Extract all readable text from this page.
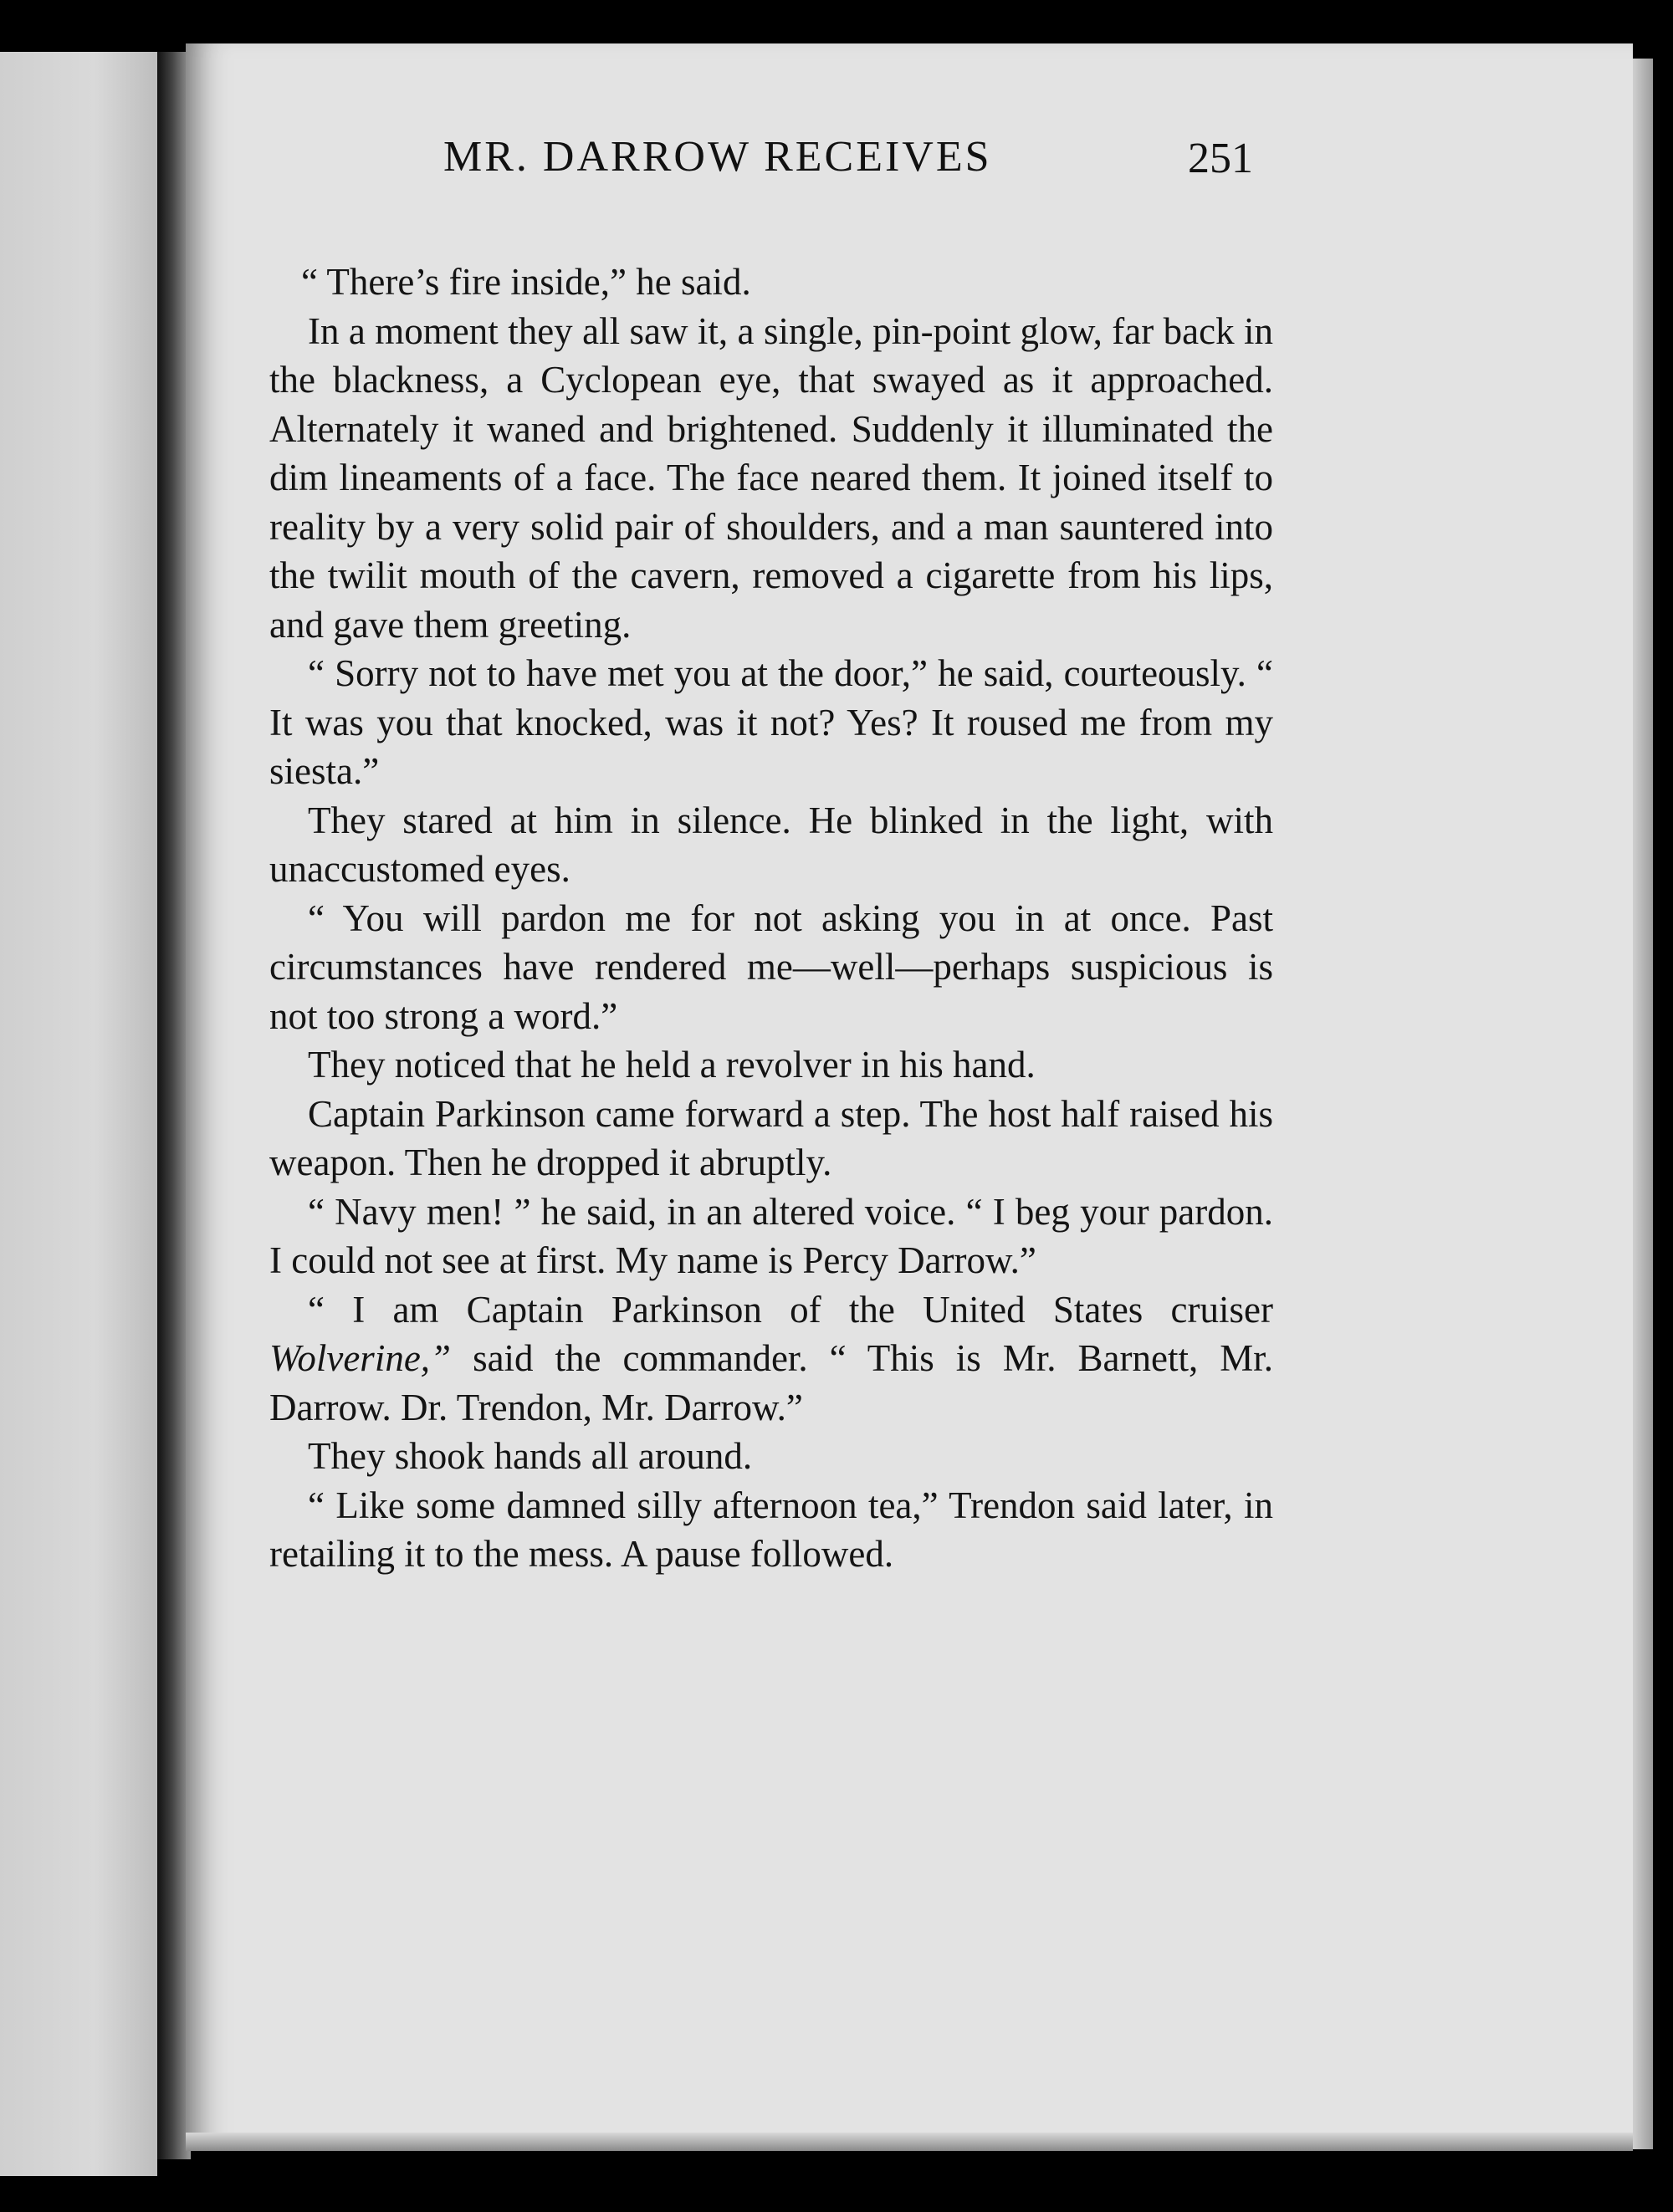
MR. DARROW RECEIVES	251

“ There’s fire inside,” he said.

In a moment they all saw it, a single, pin-point glow, far back in the blackness, a Cyclopean eye, that swayed as it approached. Alternately it waned and brightened. Suddenly it illuminated the dim lineaments of a face. The face neared them. It joined itself to reality by a very solid pair of shoulders, and a man sauntered into the twilit mouth of the cavern, removed a cigarette from his lips, and gave them greeting.

“ Sorry not to have met you at the door,” he said, courteously. “ It was you that knocked, was it not? Yes? It roused me from my siesta.”

They stared at him in silence. He blinked in the light, with unaccustomed eyes.

“ You will pardon me for not asking you in at once. Past circumstances have rendered me—well—perhaps suspicious is not too strong a word.”

They noticed that he held a revolver in his hand.

Captain Parkinson came forward a step. The host half raised his weapon. Then he dropped it abruptly.

“ Navy men! ” he said, in an altered voice. “ I beg your pardon. I could not see at first. My name is Percy Darrow.”

“ I am Captain Parkinson of the United States cruiser Wolverine,” said the commander. “ This is Mr. Barnett, Mr. Darrow. Dr. Trendon, Mr. Darrow.”

They shook hands all around.

“ Like some damned silly afternoon tea,” Trendon said later, in retailing it to the mess. A pause followed.
